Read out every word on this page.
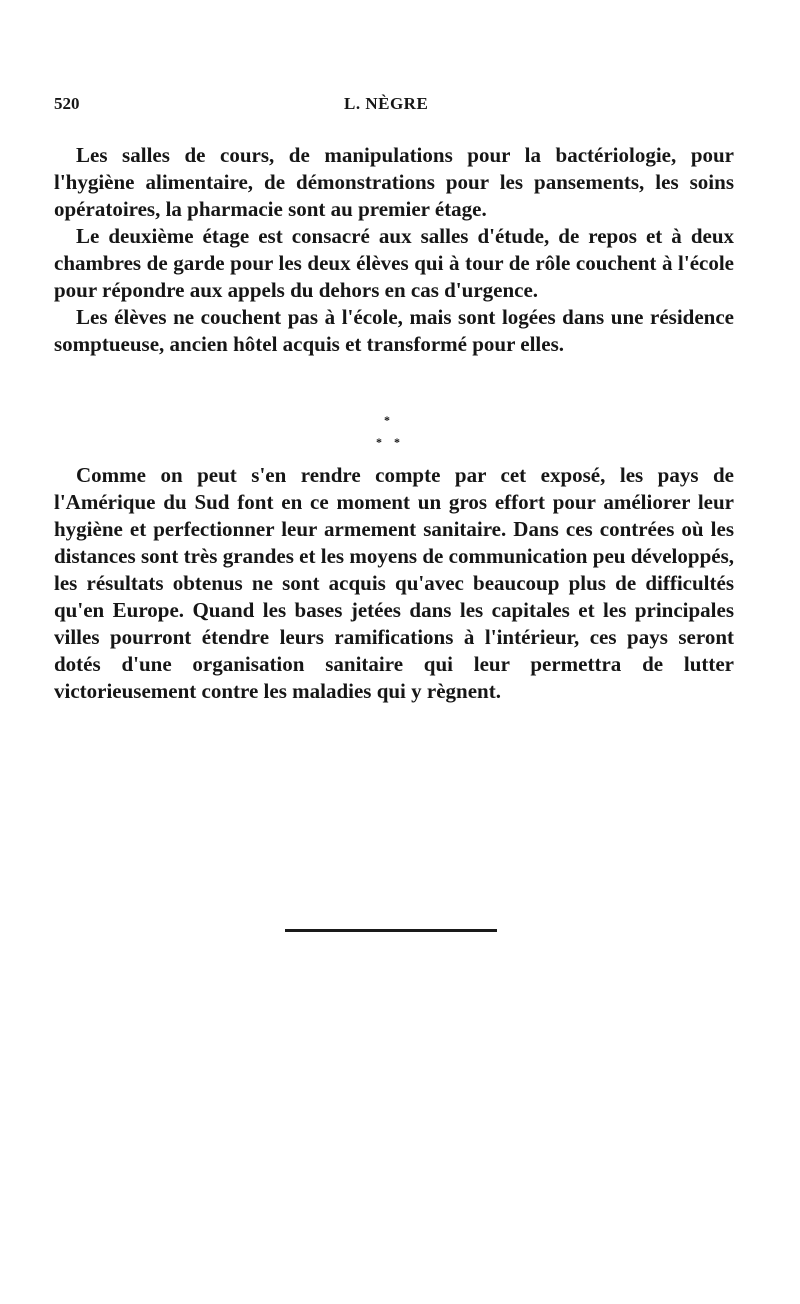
520	L. NÈGRE

Les salles de cours, de manipulations pour la bactériologie, pour l'hygiène alimentaire, de démonstrations pour les pansements, les soins opératoires, la pharmacie sont au premier étage.

Le deuxième étage est consacré aux salles d'étude, de repos et à deux chambres de garde pour les deux élèves qui à tour de rôle couchent à l'école pour répondre aux appels du dehors en cas d'urgence.

Les élèves ne couchent pas à l'école, mais sont logées dans une résidence somptueuse, ancien hôtel acquis et transformé pour elles.

*
* *

Comme on peut s'en rendre compte par cet exposé, les pays de l'Amérique du Sud font en ce moment un gros effort pour améliorer leur hygiène et perfectionner leur armement sanitaire. Dans ces contrées où les distances sont très grandes et les moyens de communication peu développés, les résultats obtenus ne sont acquis qu'avec beaucoup plus de difficultés qu'en Europe. Quand les bases jetées dans les capitales et les principales villes pourront étendre leurs ramifications à l'intérieur, ces pays seront dotés d'une organisation sanitaire qui leur permettra de lutter victorieusement contre les maladies qui y règnent.
